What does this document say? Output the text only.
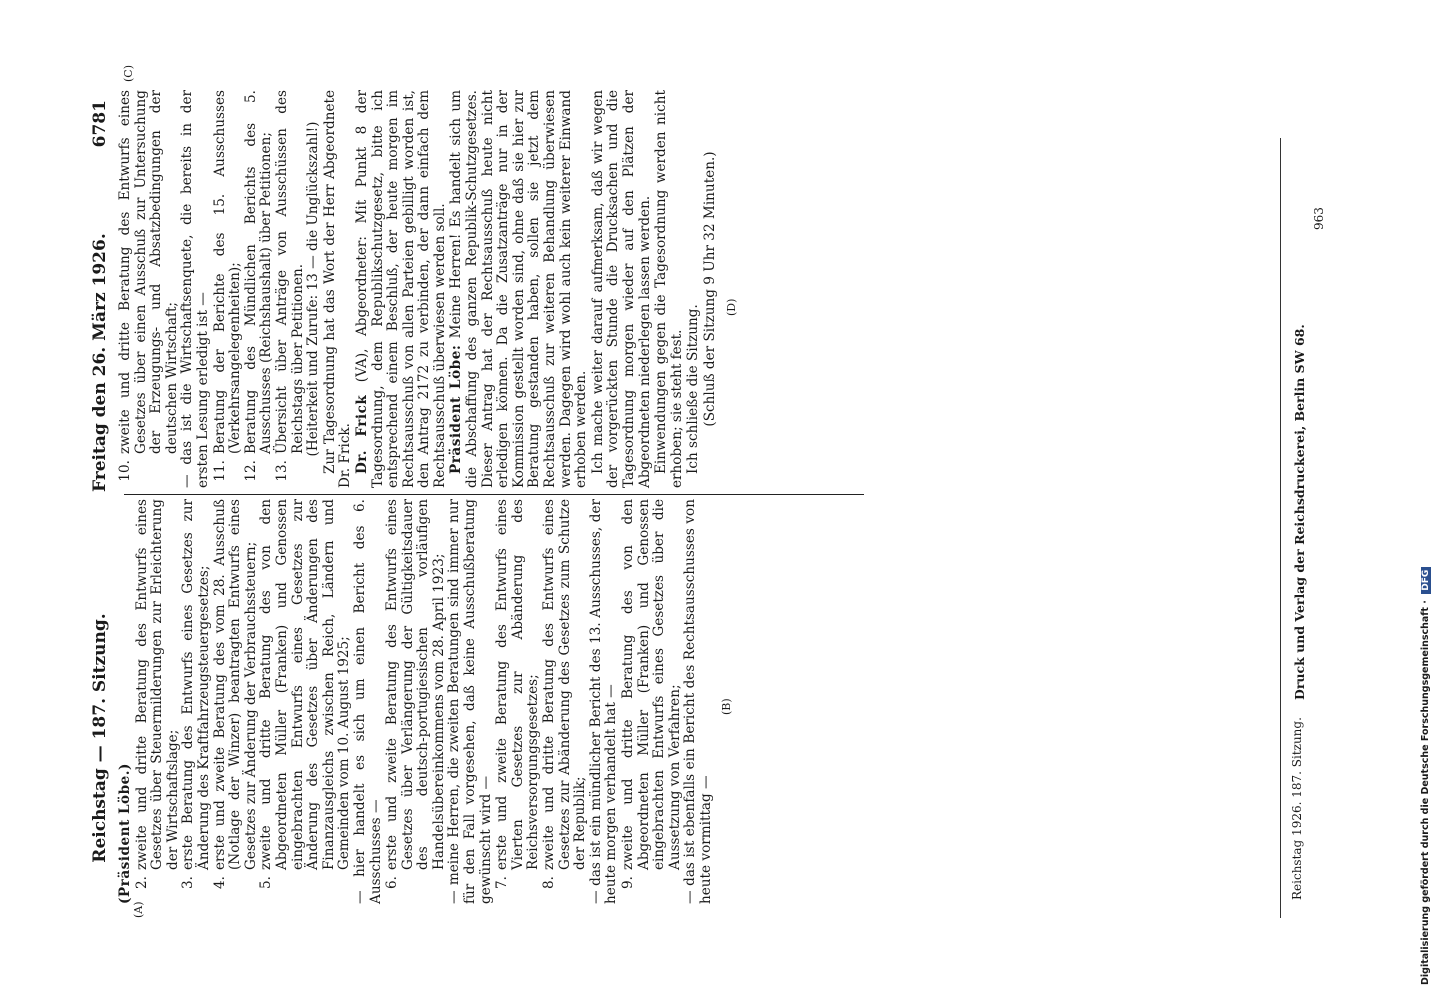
Reichstag — 187. Sitzung.
Freitag den 26. März 1926.
6781
(A)
(B)
(C)
(D)

(Präsident Löbe.) 2.
zweite und dritte Beratung des Entwurfs eines Gesetzes über Steuermilderungen zur Erleichterung der Wirtschaftslage;
3.
erste Beratung des Entwurfs eines Gesetzes zur Änderung des Kraftfahrzeugsteuergesetzes;
4.
erste und zweite Beratung des vom 28. Ausschuß (Notlage der Winzer) beantragten Entwurfs eines Gesetzes zur Änderung der Verbrauchssteuern;
5.
zweite und dritte Beratung des von den Abgeordneten Müller (Franken) und Genossen eingebrachten Entwurfs eines Gesetzes zur Änderung des Gesetzes über Änderungen des Finanzausgleichs zwischen Reich, Ländern und Gemeinden vom 10. August 1925; — hier handelt es sich um einen Bericht des 6. Ausschusses — 6.
erste und zweite Beratung des Entwurfs eines Gesetzes über Verlängerung der Gültigkeitsdauer des deutsch-portugiesischen vorläufigen Handelsübereinkommens vom 28. April 1923; — meine Herren, die zweiten Beratungen sind immer nur für den Fall vorgesehen, daß keine Ausschußberatung gewünscht wird — 7.
erste und zweite Beratung des Entwurfs eines Vierten Gesetzes zur Abänderung des Reichsversorgungsgesetzes;
8.
zweite und dritte Beratung des Entwurfs eines Gesetzes zur Abänderung des Gesetzes zum Schutze der Republik; — das ist ein mündlicher Bericht des 13. Ausschusses, der heute morgen verhandelt hat — 9.
zweite und dritte Beratung des von den Abgeordneten Müller (Franken) und Genossen eingebrachten Entwurfs eines Gesetzes über die Aussetzung von Verfahren; — das ist ebenfalls ein Bericht des Rechtsausschusses von heute vormittag —

10.
zweite und dritte Beratung des Entwurfs eines Gesetzes über einen Ausschuß zur Untersuchung der Erzeugungs- und Absatzbedingungen der deutschen Wirtschaft; — das ist die Wirtschaftsenquete, die bereits in der ersten Lesung erledigt ist — 11.
Beratung der Berichte des 15. Ausschusses (Verkehrsangelegenheiten);
12.
Beratung des Mündlichen Berichts des 5. Ausschusses (Reichshaushalt) über Petitionen;
13.
Übersicht über Anträge von Ausschüssen des Reichstags über Petitionen. (Heiterkeit und Zurufe: 13 — die Unglückszahl!) Zur Tagesordnung hat das Wort der Herr Abgeordnete Dr. Frick. Dr. Frick (VA), Abgeordneter: Mit Punkt 8 der Tagesordnung, dem Republikschutzgesetz, bitte ich entsprechend einem Beschluß, der heute morgen im Rechtsausschuß von allen Parteien gebilligt worden ist, den Antrag 2172 zu verbinden, der dann einfach dem Rechtsausschuß überwiesen werden soll. Präsident Löbe: Meine Herren! Es handelt sich um die Abschaffung des ganzen Republik-Schutzgesetzes. Dieser Antrag hat der Rechtsausschuß heute nicht erledigen können. Da die Zusatzanträge nur in der Kommission gestellt worden sind, ohne daß sie hier zur Beratung gestanden haben, sollen sie jetzt dem Rechtsausschuß zur weiteren Behandlung überwiesen werden. Dagegen wird wohl auch kein weiterer Einwand erhoben werden. Ich mache weiter darauf aufmerksam, daß wir wegen der vorgerückten Stunde die Drucksachen und die Tagesordnung morgen wieder auf den Plätzen der Abgeordneten niederlegen lassen werden. Einwendungen gegen die Tagesordnung werden nicht erhoben; sie steht fest. Ich schließe die Sitzung. (Schluß der Sitzung 9 Uhr 32 Minuten.)

Reichstag 1926. 187. Sitzung.
Druck und Verlag der Reichsdruckerei, Berlin SW 68.
963
Digitalisierung gefördert durch die Deutsche Forschungsgemeinschaft · DFG
